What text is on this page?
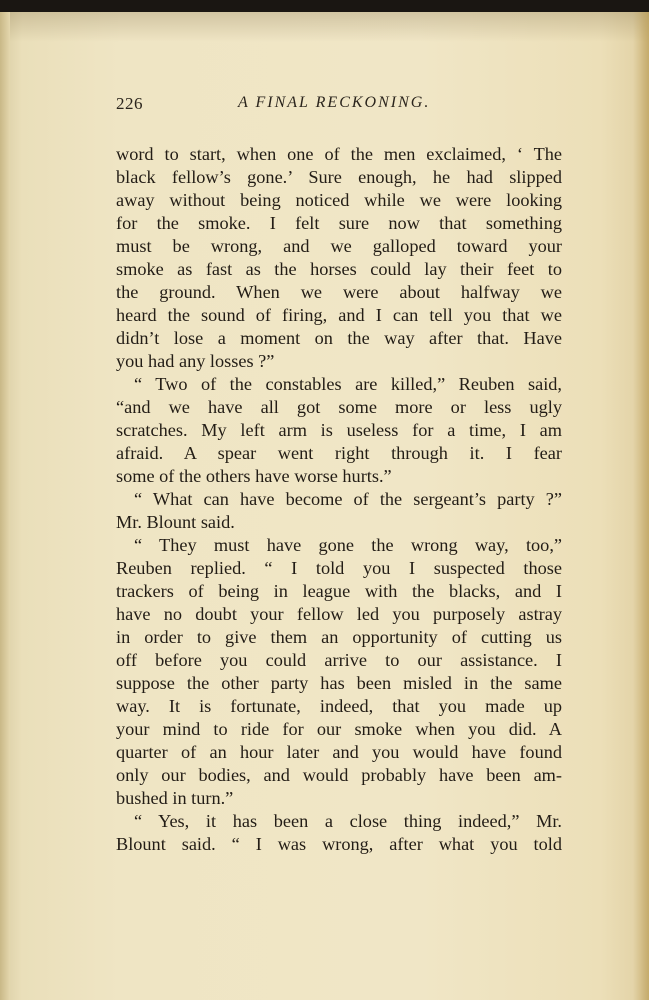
226	A FINAL RECKONING.
word to start, when one of the men exclaimed, ‘ The
black fellow’s gone.’ Sure enough, he had slipped
away without being noticed while we were looking
for the smoke. I felt sure now that something
must be wrong, and we galloped toward your
smoke as fast as the horses could lay their feet to
the ground. When we were about halfway we
heard the sound of firing, and I can tell you that we
didn’t lose a moment on the way after that. Have
you had any losses ?”
“ Two of the constables are killed,” Reuben said,
“and we have all got some more or less ugly
scratches. My left arm is useless for a time, I am
afraid. A spear went right through it. I fear
some of the others have worse hurts.”
“ What can have become of the sergeant’s party ?”
Mr. Blount said.
“ They must have gone the wrong way, too,”
Reuben replied. “ I told you I suspected those
trackers of being in league with the blacks, and I
have no doubt your fellow led you purposely astray
in order to give them an opportunity of cutting us
off before you could arrive to our assistance. I
suppose the other party has been misled in the same
way. It is fortunate, indeed, that you made up
your mind to ride for our smoke when you did. A
quarter of an hour later and you would have found
only our bodies, and would probably have been am-
bushed in turn.”
“ Yes, it has been a close thing indeed,” Mr.
Blount said. “ I was wrong, after what you told
